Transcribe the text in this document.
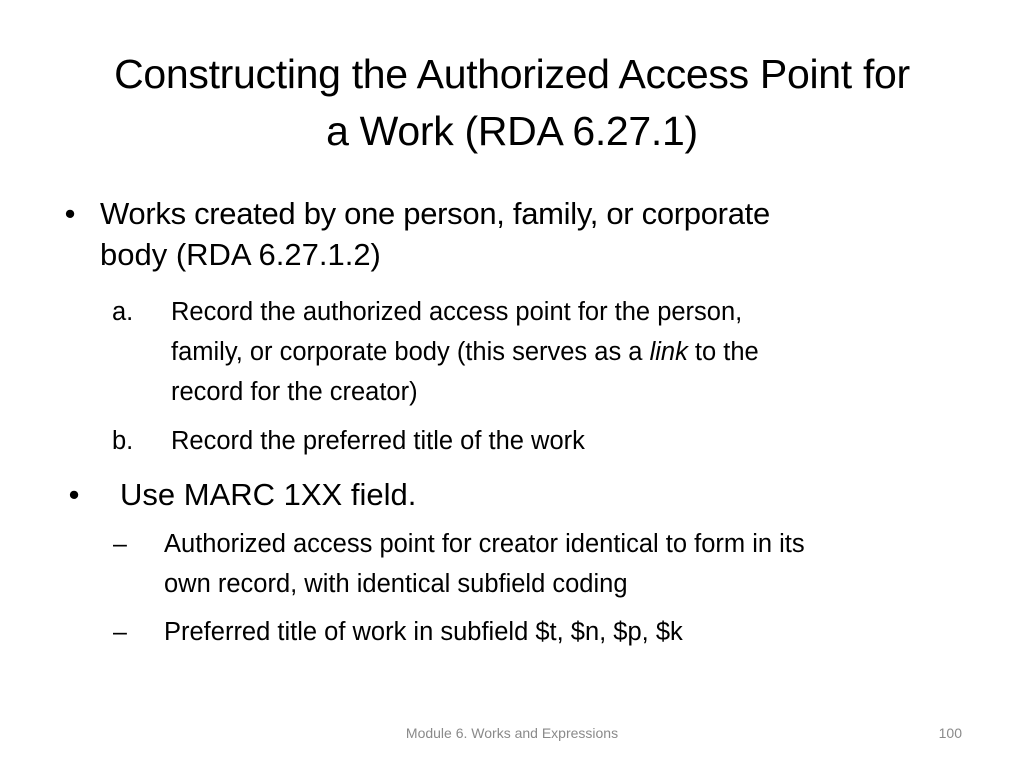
Constructing the Authorized Access Point for
a Work (RDA 6.27.1)
• Works created by one person, family, or corporate
body (RDA 6.27.1.2)
a. Record the authorized access point for the person,
family, or corporate body (this serves as a link to the
record for the creator)
b. Record the preferred title of the work
• Use MARC 1XX field.
– Authorized access point for creator identical to form in its
own record, with identical subfield coding
– Preferred title of work in subfield $t, $n, $p, $k
Module 6. Works and Expressions	100
